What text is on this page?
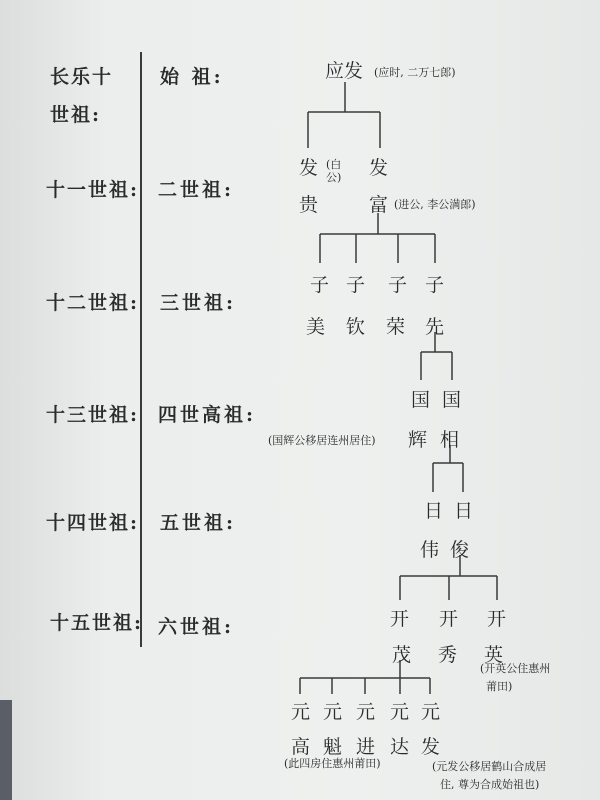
长乐十
世祖:
十一世祖:
十二世祖:
十三世祖:
十四世祖:
十五世祖:
始 祖:
二世祖:
三世祖:
四世高祖:
五世祖:
六世祖:
应发 (应时, 二万七郎)
发
贵
(白公) 发
富 (进公, 李公满郎)
子 子 子 子
美 钦 荣 先
国 国
辉 相
(国辉公移居连州居住)
日 日
伟 俊
开 开 开
茂 秀 英
(开英公住惠州
莆田)
元 元 元 元 元
高 魁 进 达 发
(此四房住惠州莆田)	(元发公移居鹤山合成居
住, 尊为合成始祖也)
